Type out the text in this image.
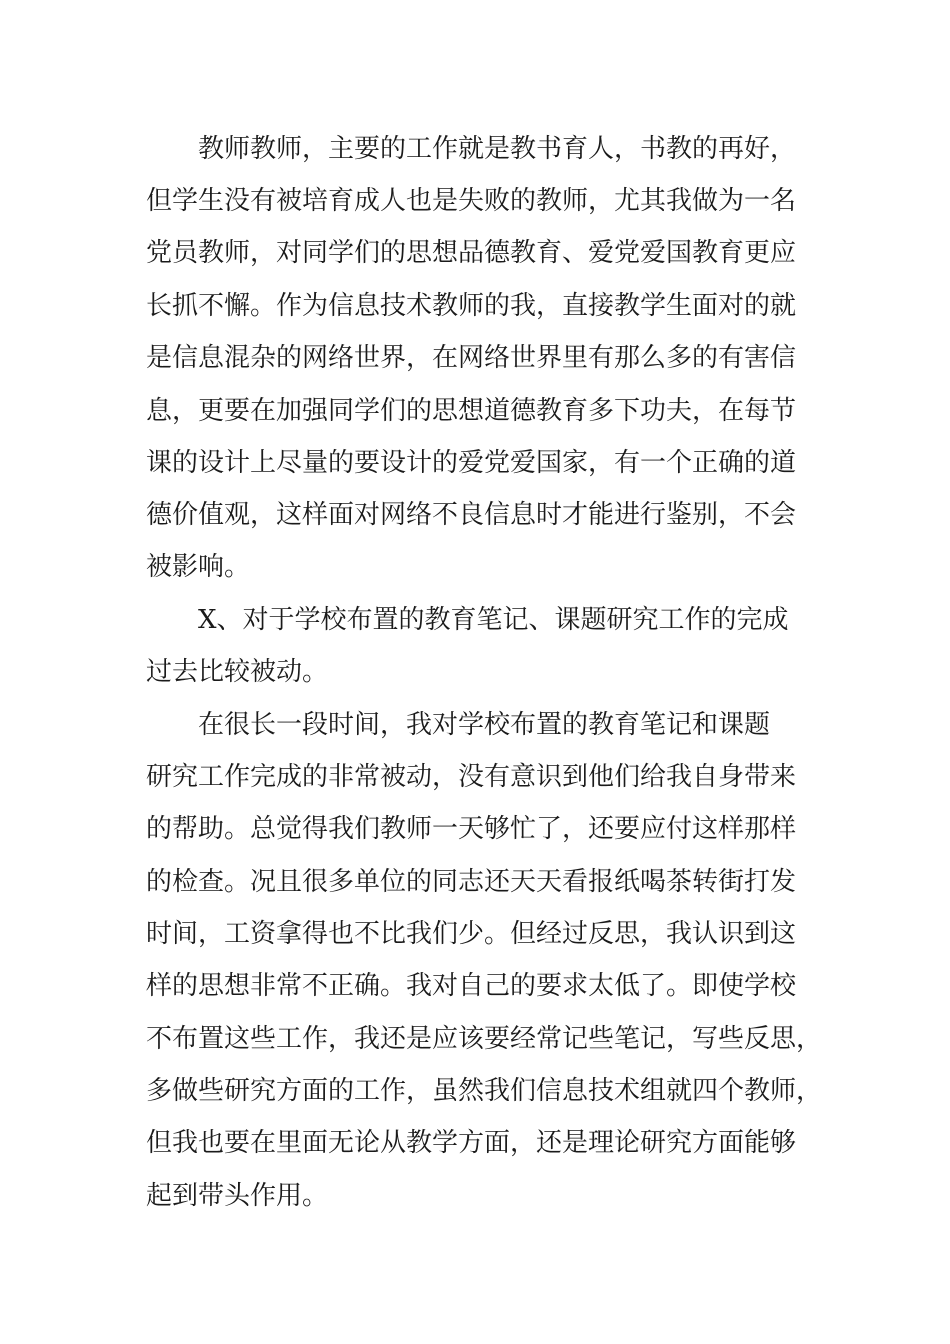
　　教师教师，主要的工作就是教书育人，书教的再好，
但学生没有被培育成人也是失败的教师，尤其我做为一名
党员教师，对同学们的思想品德教育、爱党爱国教育更应
长抓不懈。作为信息技术教师的我，直接教学生面对的就
是信息混杂的网络世界，在网络世界里有那么多的有害信
息，更要在加强同学们的思想道德教育多下功夫，在每节
课的设计上尽量的要设计的爱党爱国家，有一个正确的道
德价值观，这样面对网络不良信息时才能进行鉴别，不会
被影响。
　　X、对于学校布置的教育笔记、课题研究工作的完成
过去比较被动。
　　在很长一段时间，我对学校布置的教育笔记和课题
研究工作完成的非常被动，没有意识到他们给我自身带来
的帮助。总觉得我们教师一天够忙了，还要应付这样那样
的检查。况且很多单位的同志还天天看报纸喝茶转街打发
时间，工资拿得也不比我们少。但经过反思，我认识到这
样的思想非常不正确。我对自己的要求太低了。即使学校
不布置这些工作，我还是应该要经常记些笔记，写些反思，
多做些研究方面的工作，虽然我们信息技术组就四个教师，
但我也要在里面无论从教学方面，还是理论研究方面能够
起到带头作用。
